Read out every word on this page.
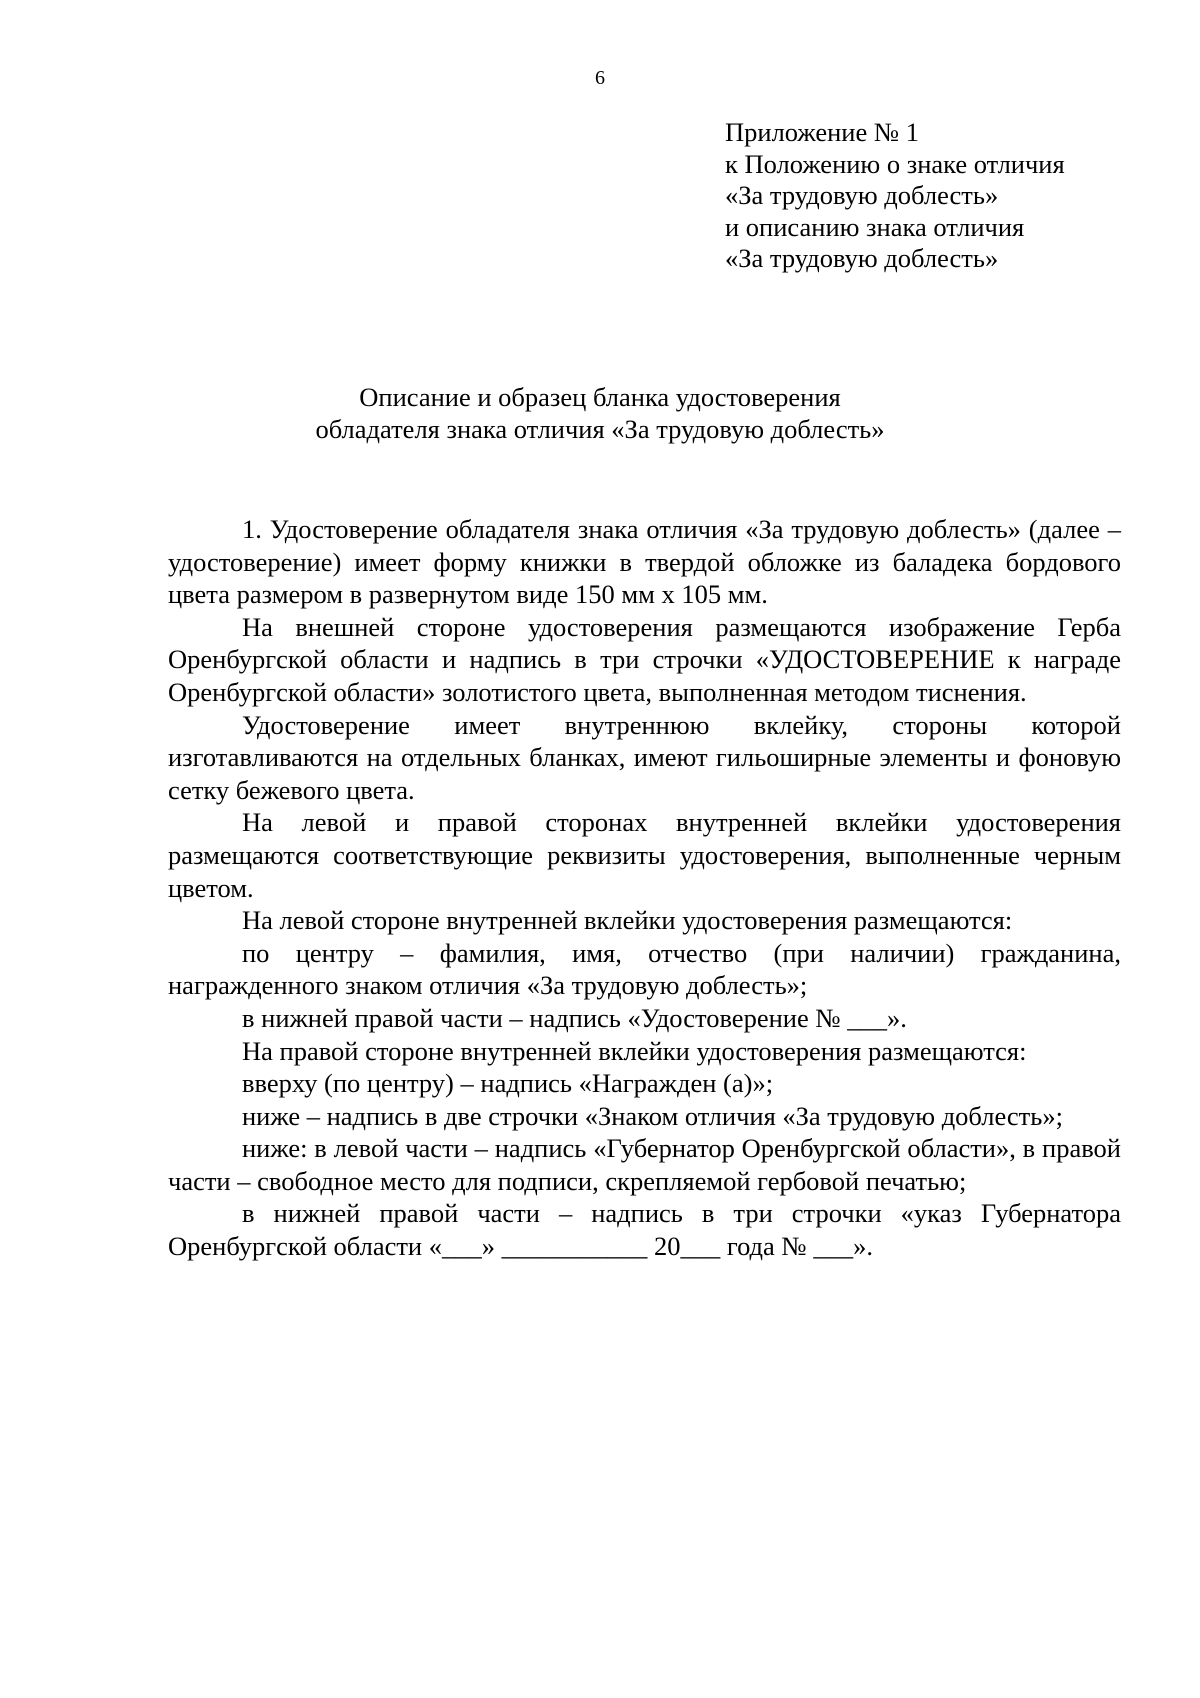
6
Приложение № 1
к Положению о знаке отличия
«За трудовую доблесть»
и описанию знака отличия
«За трудовую доблесть»
Описание и образец бланка удостоверения
обладателя знака отличия «За трудовую доблесть»

1. Удостоверение обладателя знака отличия «За трудовую доблесть» (далее – удостоверение) имеет форму книжки в твердой обложке из баладека бордового цвета размером в развернутом виде 150 мм х 105 мм.

На внешней стороне удостоверения размещаются изображение Герба Оренбургской области и надпись в три строчки «УДОСТОВЕРЕНИЕ к награде Оренбургской области» золотистого цвета, выполненная методом тиснения.

Удостоверение имеет внутреннюю вклейку, стороны которой изготавливаются на отдельных бланках, имеют гильоширные элементы и фоновую сетку бежевого цвета.

На левой и правой сторонах внутренней вклейки удостоверения размещаются соответствующие реквизиты удостоверения, выполненные черным цветом.

На левой стороне внутренней вклейки удостоверения размещаются:

по центру – фамилия, имя, отчество (при наличии) гражданина, награжденного знаком отличия «За трудовую доблесть»;

в нижней правой части – надпись «Удостоверение № ___».

На правой стороне внутренней вклейки удостоверения размещаются:

вверху (по центру) – надпись «Награжден (а)»;

ниже – надпись в две строчки «Знаком отличия «За трудовую доблесть»;

ниже: в левой части – надпись «Губернатор Оренбургской области», в правой части – свободное место для подписи, скрепляемой гербовой печатью;

в нижней правой части – надпись в три строчки «указ Губернатора Оренбургской области «___» ___________ 20___ года № ___».
